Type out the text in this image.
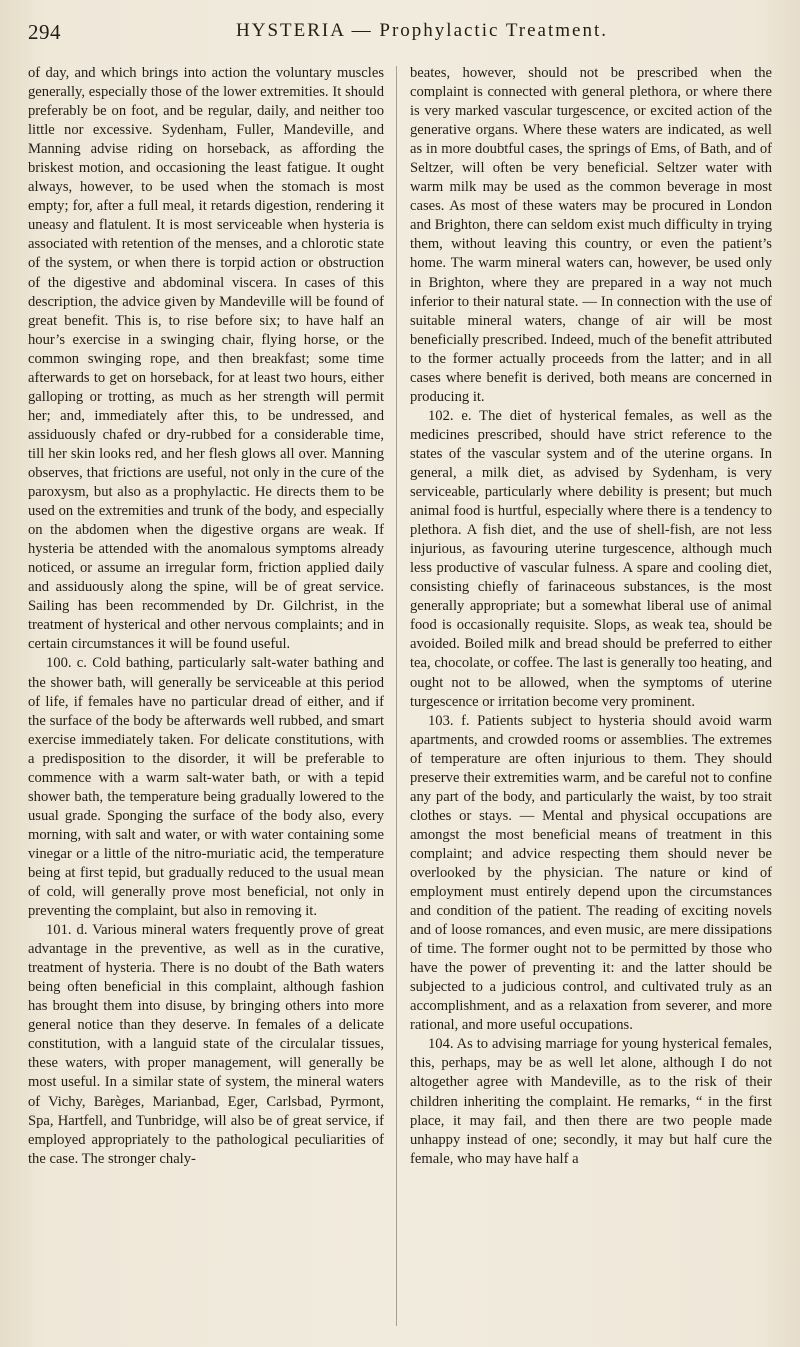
294	HYSTERIA — Prophylactic Treatment.

of day, and which brings into action the voluntary muscles generally, especially those of the lower extremities. It should preferably be on foot, and be regular, daily, and neither too little nor excessive. Sydenham, Fuller, Mandeville, and Manning advise riding on horseback, as affording the briskest motion, and occasioning the least fatigue. It ought always, however, to be used when the stomach is most empty; for, after a full meal, it retards digestion, rendering it uneasy and flatulent. It is most serviceable when hysteria is associated with retention of the menses, and a chlorotic state of the system, or when there is torpid action or obstruction of the digestive and abdominal viscera. In cases of this description, the advice given by Mandeville will be found of great benefit. This is, to rise before six; to have half an hour’s exercise in a swinging chair, flying horse, or the common swinging rope, and then breakfast; some time afterwards to get on horseback, for at least two hours, either galloping or trotting, as much as her strength will permit her; and, immediately after this, to be undressed, and assiduously chafed or dry-rubbed for a considerable time, till her skin looks red, and her flesh glows all over. Manning observes, that frictions are useful, not only in the cure of the paroxysm, but also as a prophylactic. He directs them to be used on the extremities and trunk of the body, and especially on the abdomen when the digestive organs are weak. If hysteria be attended with the anomalous symptoms already noticed, or assume an irregular form, friction applied daily and assiduously along the spine, will be of great service. Sailing has been recommended by Dr. Gilchrist, in the treatment of hysterical and other nervous complaints; and in certain circumstances it will be found useful.

100. c. Cold bathing, particularly salt-water bathing and the shower bath, will generally be serviceable at this period of life, if females have no particular dread of either, and if the surface of the body be afterwards well rubbed, and smart exercise immediately taken. For delicate constitutions, with a predisposition to the disorder, it will be preferable to commence with a warm salt-water bath, or with a tepid shower bath, the temperature being gradually lowered to the usual grade. Sponging the surface of the body also, every morning, with salt and water, or with water containing some vinegar or a little of the nitro-muriatic acid, the temperature being at first tepid, but gradually reduced to the usual mean of cold, will generally prove most beneficial, not only in preventing the complaint, but also in removing it.

101. d. Various mineral waters frequently prove of great advantage in the preventive, as well as in the curative, treatment of hysteria. There is no doubt of the Bath waters being often beneficial in this complaint, although fashion has brought them into disuse, by bringing others into more general notice than they deserve. In females of a delicate constitution, with a languid state of the circulalar tissues, these waters, with proper management, will generally be most useful. In a similar state of system, the mineral waters of Vichy, Barèges, Marianbad, Eger, Carlsbad, Pyrmont, Spa, Hartfell, and Tunbridge, will also be of great service, if employed appropriately to the pathological peculiarities of the case. The stronger chaly-

beates, however, should not be prescribed when the complaint is connected with general plethora, or where there is very marked vascular turgescence, or excited action of the generative organs. Where these waters are indicated, as well as in more doubtful cases, the springs of Ems, of Bath, and of Seltzer, will often be very beneficial. Seltzer water with warm milk may be used as the common beverage in most cases. As most of these waters may be procured in London and Brighton, there can seldom exist much difficulty in trying them, without leaving this country, or even the patient’s home. The warm mineral waters can, however, be used only in Brighton, where they are prepared in a way not much inferior to their natural state. — In connection with the use of suitable mineral waters, change of air will be most beneficially prescribed. Indeed, much of the benefit attributed to the former actually proceeds from the latter; and in all cases where benefit is derived, both means are concerned in producing it.

102. e. The diet of hysterical females, as well as the medicines prescribed, should have strict reference to the states of the vascular system and of the uterine organs. In general, a milk diet, as advised by Sydenham, is very serviceable, particularly where debility is present; but much animal food is hurtful, especially where there is a tendency to plethora. A fish diet, and the use of shell-fish, are not less injurious, as favouring uterine turgescence, although much less productive of vascular fulness. A spare and cooling diet, consisting chiefly of farinaceous substances, is the most generally appropriate; but a somewhat liberal use of animal food is occasionally requisite. Slops, as weak tea, should be avoided. Boiled milk and bread should be preferred to either tea, chocolate, or coffee. The last is generally too heating, and ought not to be allowed, when the symptoms of uterine turgescence or irritation become very prominent.

103. f. Patients subject to hysteria should avoid warm apartments, and crowded rooms or assemblies. The extremes of temperature are often injurious to them. They should preserve their extremities warm, and be careful not to confine any part of the body, and particularly the waist, by too strait clothes or stays. — Mental and physical occupations are amongst the most beneficial means of treatment in this complaint; and advice respecting them should never be overlooked by the physician. The nature or kind of employment must entirely depend upon the circumstances and condition of the patient. The reading of exciting novels and of loose romances, and even music, are mere dissipations of time. The former ought not to be permitted by those who have the power of preventing it: and the latter should be subjected to a judicious control, and cultivated truly as an accomplishment, and as a relaxation from severer, and more rational, and more useful occupations.

104. As to advising marriage for young hysterical females, this, perhaps, may be as well let alone, although I do not altogether agree with Mandeville, as to the risk of their children inheriting the complaint. He remarks, “ in the first place, it may fail, and then there are two people made unhappy instead of one; secondly, it may but half cure the female, who may have half a
